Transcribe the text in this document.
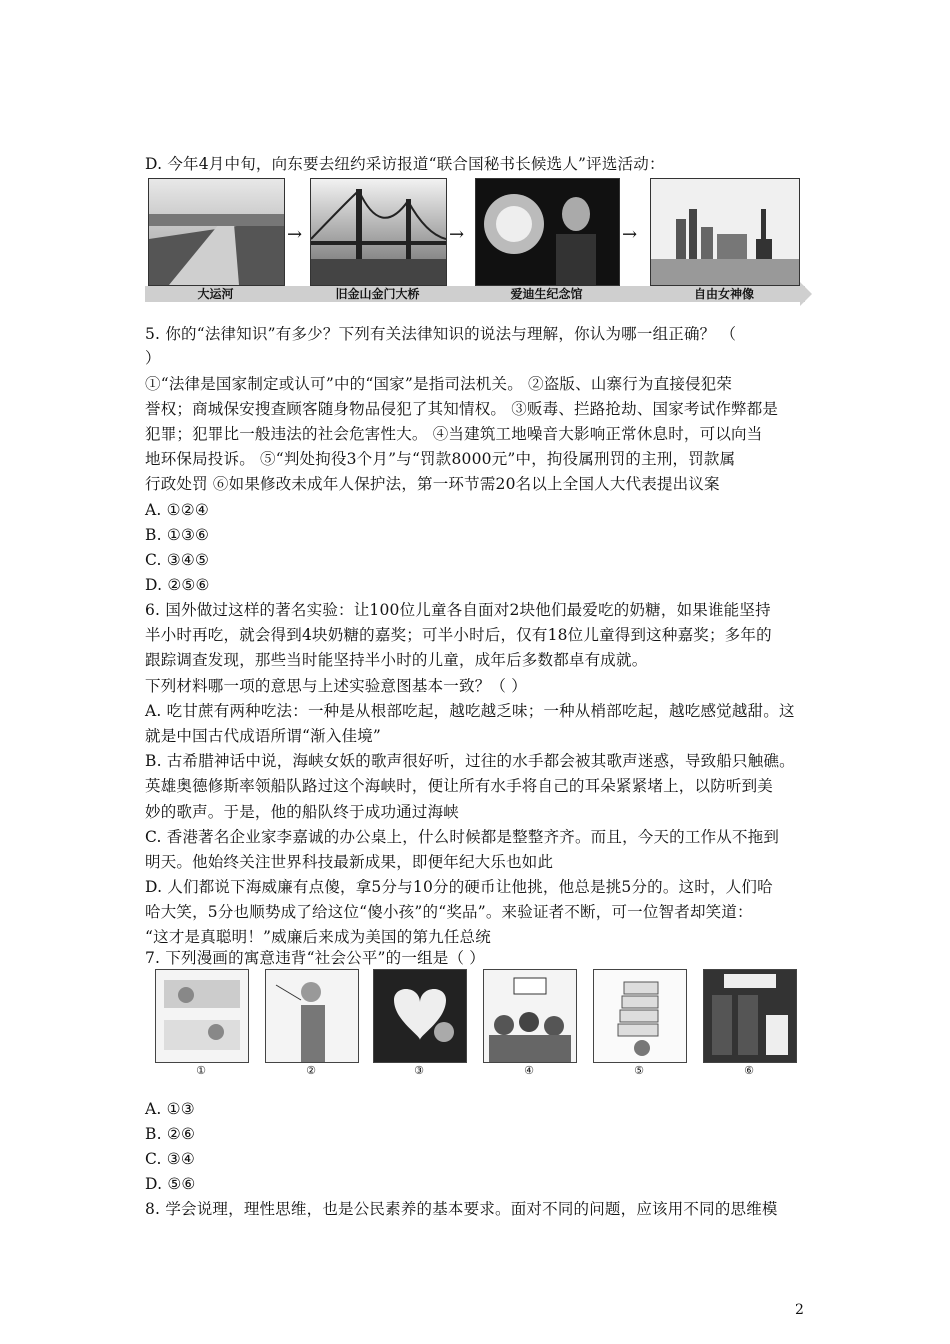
D. 今年4月中旬，向东要去纽约采访报道“联合国秘书长候选人”评选活动：
→	→	→
大运河	旧金山金门大桥	爱迪生纪念馆	自由女神像
5. 你的“法律知识”有多少？下列有关法律知识的说法与理解，你认为哪一组正确？ （
）
①“法律是国家制定或认可”中的“国家”是指司法机关。 ②盗版、山寨行为直接侵犯荣
誉权；商城保安搜查顾客随身物品侵犯了其知情权。 ③贩毒、拦路抢劫、国家考试作弊都是
犯罪；犯罪比一般违法的社会危害性大。 ④当建筑工地噪音大影响正常休息时，可以向当
地环保局投诉。 ⑤“判处拘役3个月”与“罚款8000元”中，拘役属刑罚的主刑，罚款属
行政处罚 ⑥如果修改未成年人保护法，第一环节需20名以上全国人大代表提出议案
A. ①②④
B. ①③⑥
C. ③④⑤
D. ②⑤⑥
6. 国外做过这样的著名实验：让100位儿童各自面对2块他们最爱吃的奶糖，如果谁能坚持
半小时再吃，就会得到4块奶糖的嘉奖；可半小时后，仅有18位儿童得到这种嘉奖；多年的
跟踪调查发现，那些当时能坚持半小时的儿童，成年后多数都卓有成就。
下列材料哪一项的意思与上述实验意图基本一致？（ ）
A. 吃甘蔗有两种吃法：一种是从根部吃起，越吃越乏味；一种从梢部吃起，越吃感觉越甜。这
就是中国古代成语所谓“渐入佳境”
B. 古希腊神话中说，海峡女妖的歌声很好听，过往的水手都会被其歌声迷惑，导致船只触礁。
英雄奥德修斯率领船队路过这个海峡时，便让所有水手将自己的耳朵紧紧堵上，以防听到美
妙的歌声。于是，他的船队终于成功通过海峡
C. 香港著名企业家李嘉诚的办公桌上，什么时候都是整整齐齐。而且，今天的工作从不拖到
明天。他始终关注世界科技最新成果，即便年纪大乐也如此
D. 人们都说下海威廉有点傻，拿5分与10分的硬币让他挑，他总是挑5分的。这时，人们哈
哈大笑，5分也顺势成了给这位“傻小孩”的“奖品”。来验证者不断，可一位智者却笑道：
“这才是真聪明！”威廉后来成为美国的第九任总统
7. 下列漫画的寓意违背“社会公平”的一组是（ ）
①	②	③	④	⑤	⑥
A. ①③
B. ②⑥
C. ③④
D. ⑤⑥
8. 学会说理，理性思维，也是公民素养的基本要求。面对不同的问题，应该用不同的思维模
2
